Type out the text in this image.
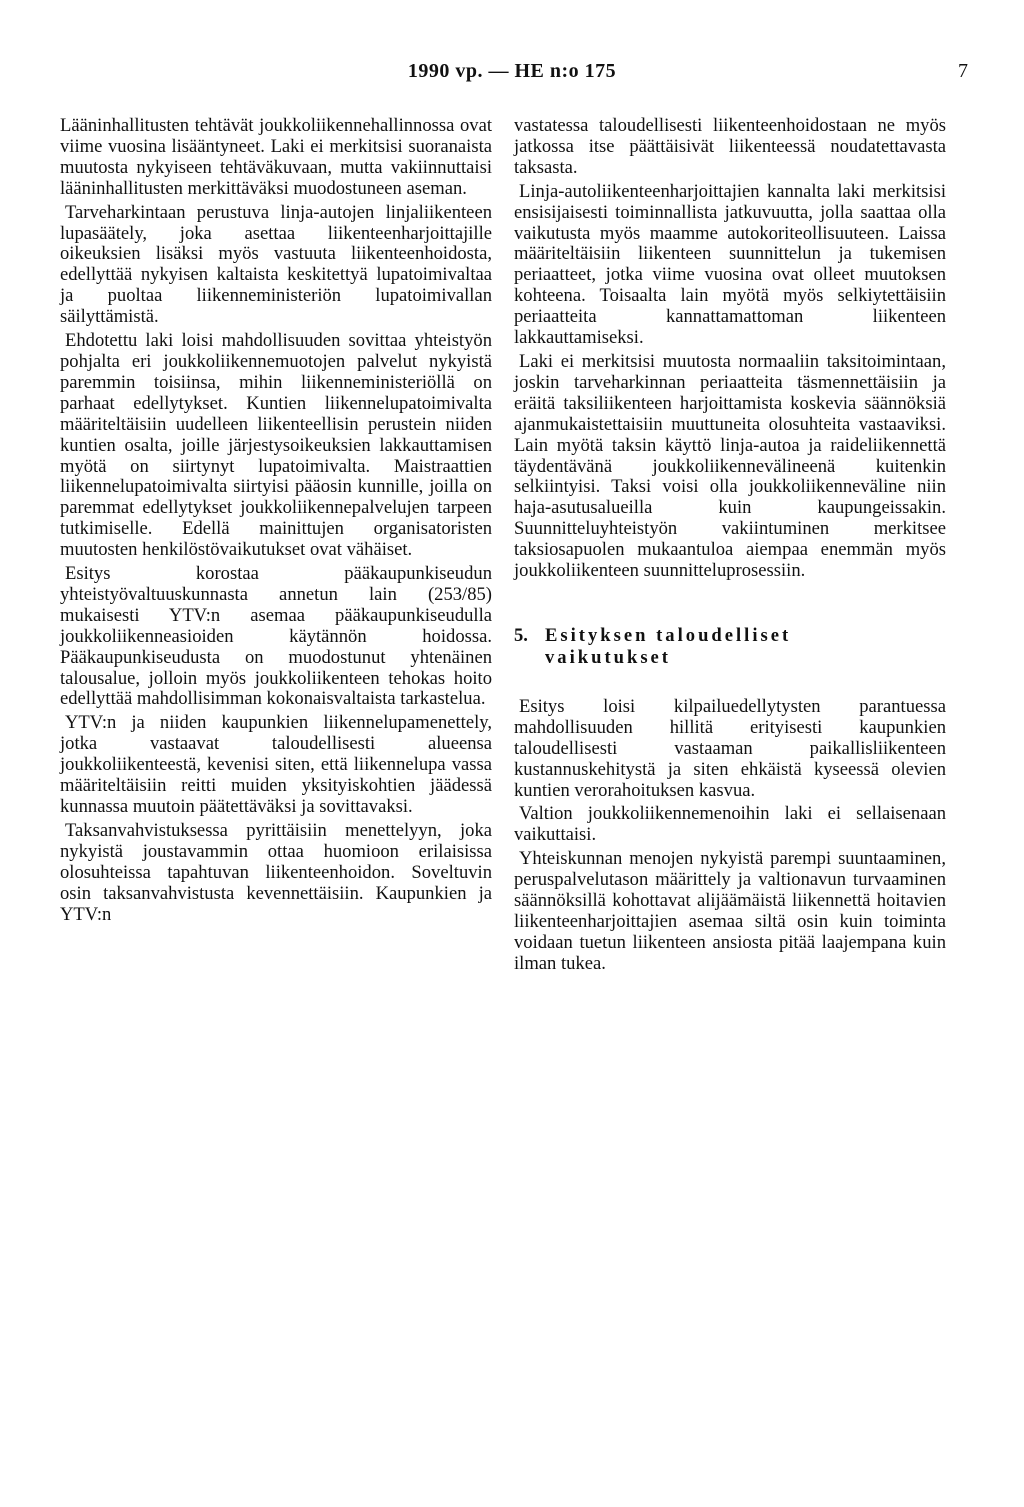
1990 vp. — HE n:o 175	7

Lääninhallitusten tehtävät joukkoliikennehallinnossa ovat viime vuosina lisääntyneet. Laki ei merkitsisi suoranaista muutosta nykyiseen tehtäväkuvaan, mutta vakiinnuttaisi lääninhallitusten merkittäväksi muodostuneen aseman.

Tarveharkintaan perustuva linja-autojen linjaliikenteen lupasäätely, joka asettaa liikenteenharjoittajille oikeuksien lisäksi myös vastuuta liikenteenhoidosta, edellyttää nykyisen kaltaista keskitettyä lupatoimivaltaa ja puoltaa liikenneministeriön lupatoimivallan säilyttämistä.

Ehdotettu laki loisi mahdollisuuden sovittaa yhteistyön pohjalta eri joukkoliikennemuotojen palvelut nykyistä paremmin toisiinsa, mihin liikenneministeriöllä on parhaat edellytykset. Kuntien liikennelupatoimivalta määriteltäisiin uudelleen liikenteellisin perustein niiden kuntien osalta, joille järjestysoikeuksien lakkauttamisen myötä on siirtynyt lupatoimivalta. Maistraattien liikennelupatoimivalta siirtyisi pääosin kunnille, joilla on paremmat edellytykset joukkoliikennepalvelujen tarpeen tutkimiselle. Edellä mainittujen organisatoristen muutosten henkilöstövaikutukset ovat vähäiset.

Esitys korostaa pääkaupunkiseudun yhteistyövaltuuskunnasta annetun lain (253/85) mukaisesti YTV:n asemaa pääkaupunkiseudulla joukkoliikenneasioiden käytännön hoidossa. Pääkaupunkiseudusta on muodostunut yhtenäinen talousalue, jolloin myös joukkoliikenteen tehokas hoito edellyttää mahdollisimman kokonaisvaltaista tarkastelua.

YTV:n ja niiden kaupunkien liikennelupamenettely, jotka vastaavat taloudellisesti alueensa joukkoliikenteestä, kevenisi siten, että liikennelupa vassa määriteltäisiin reitti muiden yksityiskohtien jäädessä kunnassa muutoin päätettäväksi ja sovittavaksi.

Taksanvahvistuksessa pyrittäisiin menettelyyn, joka nykyistä joustavammin ottaa huomioon erilaisissa olosuhteissa tapahtuvan liikenteenhoidon. Soveltuvin osin taksanvahvistusta kevennettäisiin. Kaupunkien ja YTV:n

vastatessa taloudellisesti liikenteenhoidostaan ne myös jatkossa itse päättäisivät liikenteessä noudatettavasta taksasta.

Linja-autoliikenteenharjoittajien kannalta laki merkitsisi ensisijaisesti toiminnallista jatkuvuutta, jolla saattaa olla vaikutusta myös maamme autokoriteollisuuteen. Laissa määriteltäisiin liikenteen suunnittelun ja tukemisen periaatteet, jotka viime vuosina ovat olleet muutoksen kohteena. Toisaalta lain myötä myös selkiytettäisiin periaatteita kannattamattoman liikenteen lakkauttamiseksi.

Laki ei merkitsisi muutosta normaaliin taksitoimintaan, joskin tarveharkinnan periaatteita täsmennettäisiin ja eräitä taksiliikenteen harjoittamista koskevia säännöksiä ajanmukaistettaisiin muuttuneita olosuhteita vastaaviksi. Lain myötä taksin käyttö linja-autoa ja raideliikennettä täydentävänä joukkoliikennevälineenä kuitenkin selkiintyisi. Taksi voisi olla joukkoliikenneväline niin haja-asutusalueilla kuin kaupungeissakin. Suunnitteluyhteistyön vakiintuminen merkitsee taksiosapuolen mukaantuloa aiempaa enemmän myös joukkoliikenteen suunnitteluprosessiin.

5. Esityksen taloudelliset vaikutukset

Esitys loisi kilpailuedellytysten parantuessa mahdollisuuden hillitä erityisesti kaupunkien taloudellisesti vastaaman paikallisliikenteen kustannuskehitystä ja siten ehkäistä kyseessä olevien kuntien verorahoituksen kasvua.

Valtion joukkoliikennemenoihin laki ei sellaisenaan vaikuttaisi.

Yhteiskunnan menojen nykyistä parempi suuntaaminen, peruspalvelutason määrittely ja valtionavun turvaaminen säännöksillä kohottavat alijäämäistä liikennettä hoitavien liikenteenharjoittajien asemaa siltä osin kuin toiminta voidaan tuetun liikenteen ansiosta pitää laajempana kuin ilman tukea.
